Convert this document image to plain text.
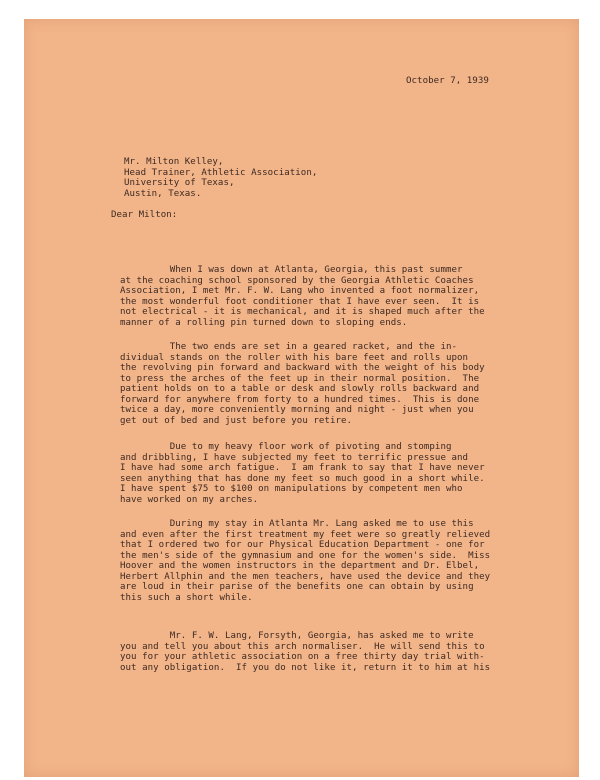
October 7, 1939
Mr. Milton Kelley,
Head Trainer, Athletic Association,
University of Texas,
Austin, Texas.
Dear Milton:
When I was down at Atlanta, Georgia, this past summer
at the coaching school sponsored by the Georgia Athletic Coaches
Association, I met Mr. F. W. Lang who invented a foot normalizer,
the most wonderful foot conditioner that I have ever seen.  It is
not electrical - it is mechanical, and it is shaped much after the
manner of a rolling pin turned down to sloping ends.
The two ends are set in a geared racket, and the in-
dividual stands on the roller with his bare feet and rolls upon
the revolving pin forward and backward with the weight of his body
to press the arches of the feet up in their normal position.  The
patient holds on to a table or desk and slowly rolls backward and
forward for anywhere from forty to a hundred times.  This is done
twice a day, more conveniently morning and night - just when you
get out of bed and just before you retire.
Due to my heavy floor work of pivoting and stomping
and dribbling, I have subjected my feet to terrific pressue and
I have had some arch fatigue.  I am frank to say that I have never
seen anything that has done my feet so much good in a short while.
I have spent $75 to $100 on manipulations by competent men who
have worked on my arches.
During my stay in Atlanta Mr. Lang asked me to use this
and even after the first treatment my feet were so greatly relieved
that I ordered two for our Physical Education Department - one for
the men's side of the gymnasium and one for the women's side.  Miss
Hoover and the women instructors in the department and Dr. Elbel,
Herbert Allphin and the men teachers, have used the device and they
are loud in their parise of the benefits one can obtain by using
this such a short while.
Mr. F. W. Lang, Forsyth, Georgia, has asked me to write
you and tell you about this arch normaliser.  He will send this to
you for your athletic association on a free thirty day trial with-
out any obligation.  If you do not like it, return it to him at his
